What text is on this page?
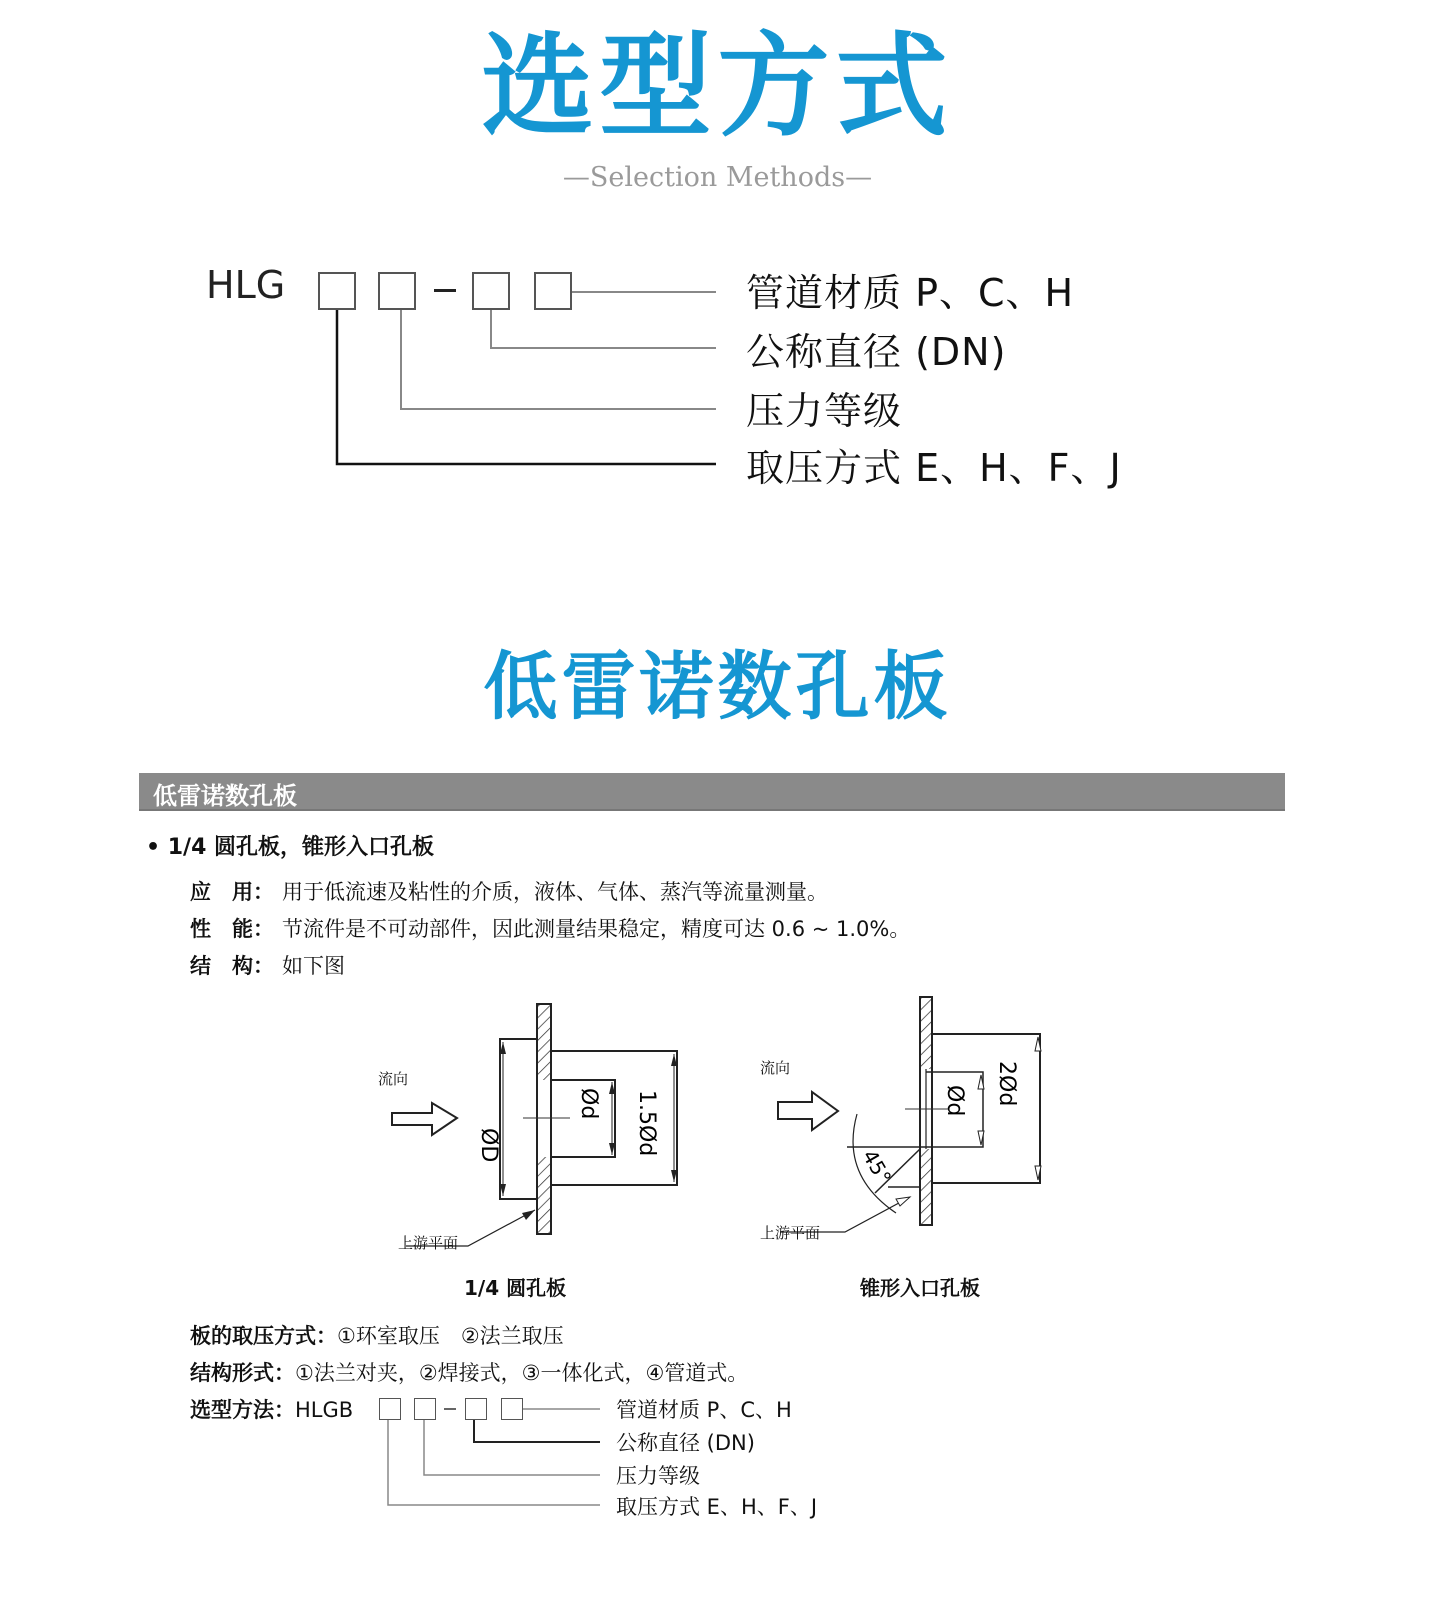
选型方式
—Selection Methods—
HLG	管道材质 P、C、H
公称直径 (DN)
压力等级
取压方式 E、H、F、J
低雷诺数孔板
低雷诺数孔板
• 1/4 圆孔板，锥形入口孔板
应　用： 用于低流速及粘性的介质，液体、气体、蒸汽等流量测量。
性　能： 节流件是不可动部件，因此测量结果稳定，精度可达 0.6 ~ 1.0%。
结　构： 如下图
ØD	1.5Ød
Ød
流向
上游平面
1/4 圆孔板
2Ød
Ød
45°
流向
上游平面
锥形入口孔板
板的取压方式：①环室取压　②法兰取压
结构形式：①法兰对夹，②焊接式，③一体化式，④管道式。
选型方法：HLGB	管道材质 P、C、H
公称直径 (DN)
压力等级
取压方式 E、H、F、J
